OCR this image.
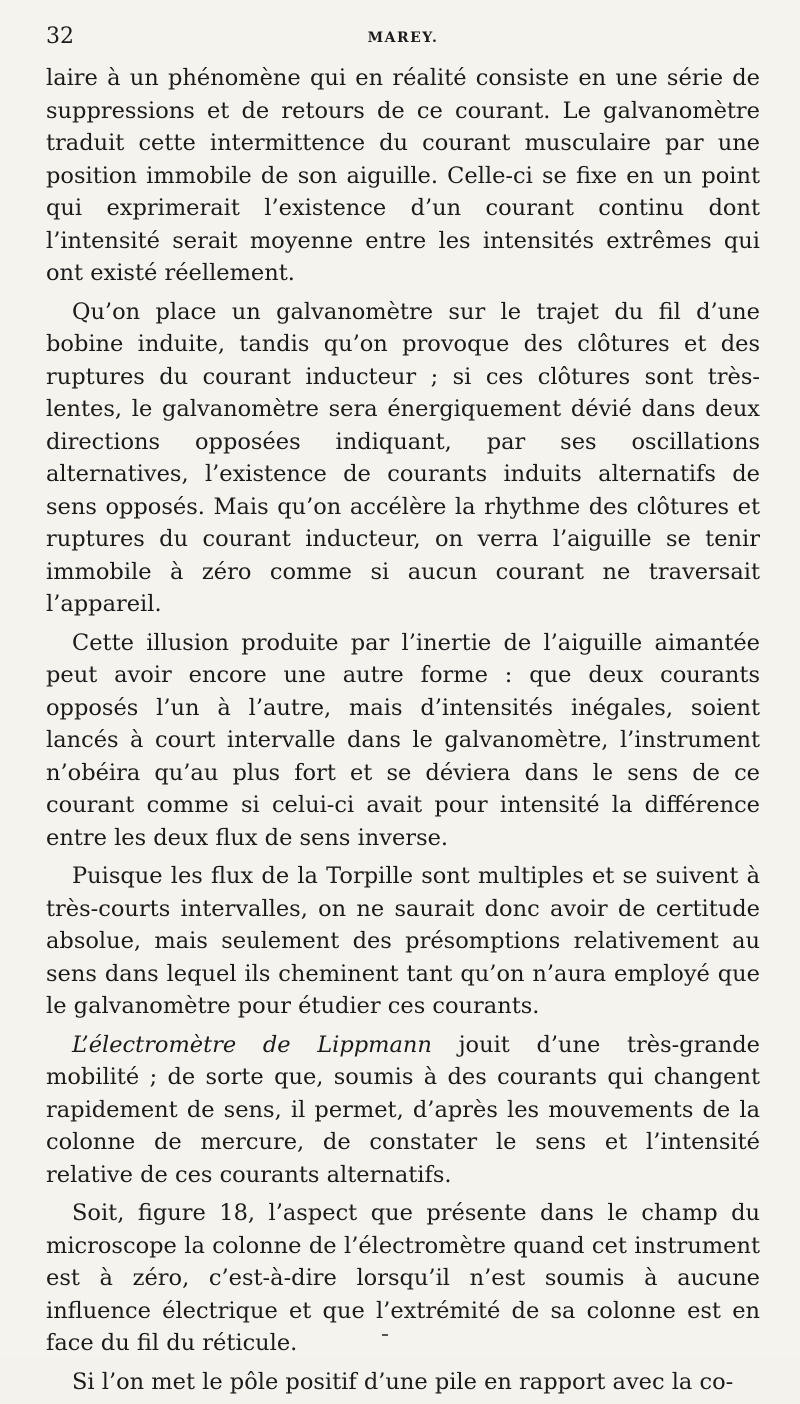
32	MAREY.

laire à un phénomène qui en réalité consiste en une série de suppressions et de retours de ce courant. Le galvanomètre traduit cette intermittence du courant musculaire par une position immobile de son aiguille. Celle-ci se fixe en un point qui exprimerait l’existence d’un courant continu dont l’intensité serait moyenne entre les intensités extrêmes qui ont existé réellement.

Qu’on place un galvanomètre sur le trajet du fil d’une bobine induite, tandis qu’on provoque des clôtures et des ruptures du courant inducteur ; si ces clôtures sont très-lentes, le galvanomètre sera énergiquement dévié dans deux directions opposées indiquant, par ses oscillations alternatives, l’existence de courants induits alternatifs de sens opposés. Mais qu’on accélère la rhythme des clôtures et ruptures du courant inducteur, on verra l’aiguille se tenir immobile à zéro comme si aucun courant ne traversait l’appareil.

Cette illusion produite par l’inertie de l’aiguille aimantée peut avoir encore une autre forme : que deux courants opposés l’un à l’autre, mais d’intensités inégales, soient lancés à court intervalle dans le galvanomètre, l’instrument n’obéira qu’au plus fort et se déviera dans le sens de ce courant comme si celui-ci avait pour intensité la différence entre les deux flux de sens inverse.

Puisque les flux de la Torpille sont multiples et se suivent à très-courts intervalles, on ne saurait donc avoir de certitude absolue, mais seulement des présomptions relativement au sens dans lequel ils cheminent tant qu’on n’aura employé que le galvanomètre pour étudier ces courants.

L’électromètre de Lippmann jouit d’une très-grande mobilité ; de sorte que, soumis à des courants qui changent rapidement de sens, il permet, d’après les mouvements de la colonne de mercure, de constater le sens et l’intensité relative de ces courants alternatifs.

Soit, figure 18, l’aspect que présente dans le champ du microscope la colonne de l’électromètre quand cet instrument est à zéro, c’est-à-dire lorsqu’il n’est soumis à aucune influence électrique et que l’extrémité de sa colonne est en face du fil du réticule.

Si l’on met le pôle positif d’une pile en rapport avec la co-
